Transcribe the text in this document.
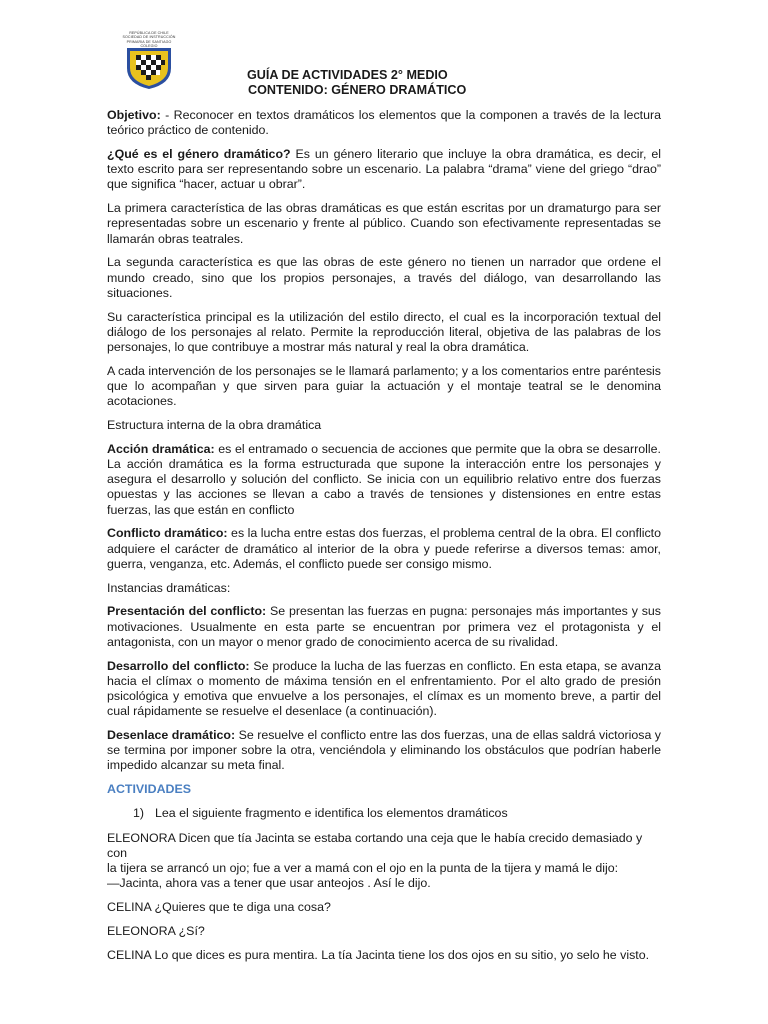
REPÚBLICA DE CHILE
SOCIEDAD DE INSTRUCCIÓN
PRIMARIA DE SANTIAGO
COLEGIO
GUÍA DE ACTIVIDADES 2° MEDIO
CONTENIDO: GÉNERO DRAMÁTICO

Objetivo: - Reconocer en textos dramáticos los elementos que la componen a través de la lectura teórico práctico de contenido.

¿Qué es el género dramático? Es un género literario que incluye la obra dramática, es decir, el texto escrito para ser representando sobre un escenario. La palabra “drama” viene del griego “drao” que significa “hacer, actuar u obrar”.

La primera característica de las obras dramáticas es que están escritas por un dramaturgo para ser representadas sobre un escenario y frente al público. Cuando son efectivamente representadas se llamarán obras teatrales.

La segunda característica es que las obras de este género no tienen un narrador que ordene el mundo creado, sino que los propios personajes, a través del diálogo, van desarrollando las situaciones.

Su característica principal es la utilización del estilo directo, el cual es la incorporación textual del diálogo de los personajes al relato. Permite la reproducción literal, objetiva de las palabras de los personajes, lo que contribuye a mostrar más natural y real la obra dramática.

A cada intervención de los personajes se le llamará parlamento; y a los comentarios entre paréntesis que lo acompañan y que sirven para guiar la actuación y el montaje teatral se le denomina acotaciones.

Estructura interna de la obra dramática

Acción dramática: es el entramado o secuencia de acciones que permite que la obra se desarrolle. La acción dramática es la forma estructurada que supone la interacción entre los personajes y asegura el desarrollo y solución del conflicto. Se inicia con un equilibrio relativo entre dos fuerzas opuestas y las acciones se llevan a cabo a través de tensiones y distensiones en entre estas fuerzas, las que están en conflicto

Conflicto dramático: es la lucha entre estas dos fuerzas, el problema central de la obra. El conflicto adquiere el carácter de dramático al interior de la obra y puede referirse a diversos temas: amor, guerra, venganza, etc. Además, el conflicto puede ser consigo mismo.

Instancias dramáticas:

Presentación del conflicto: Se presentan las fuerzas en pugna: personajes más importantes y sus motivaciones. Usualmente en esta parte se encuentran por primera vez el protagonista y el antagonista, con un mayor o menor grado de conocimiento acerca de su rivalidad.

Desarrollo del conflicto: Se produce la lucha de las fuerzas en conflicto. En esta etapa, se avanza hacia el clímax o momento de máxima tensión en el enfrentamiento. Por el alto grado de presión psicológica y emotiva que envuelve a los personajes, el clímax es un momento breve, a partir del cual rápidamente se resuelve el desenlace (a continuación).

Desenlace dramático: Se resuelve el conflicto entre las dos fuerzas, una de ellas saldrá victoriosa y se termina por imponer sobre la otra, venciéndola y eliminando los obstáculos que podrían haberle impedido alcanzar su meta final.

ACTIVIDADES

1) Lea el siguiente fragmento e identifica los elementos dramáticos

ELEONORA Dicen que tía Jacinta se estaba cortando una ceja que le había crecido demasiado y con
la tijera se arrancó un ojo; fue a ver a mamá con el ojo en la punta de la tijera y mamá le dijo:
—Jacinta, ahora vas a tener que usar anteojos . Así le dijo.

CELINA ¿Quieres que te diga una cosa?

ELEONORA ¿Sí?

CELINA Lo que dices es pura mentira. La tía Jacinta tiene los dos ojos en su sitio, yo selo he visto.
